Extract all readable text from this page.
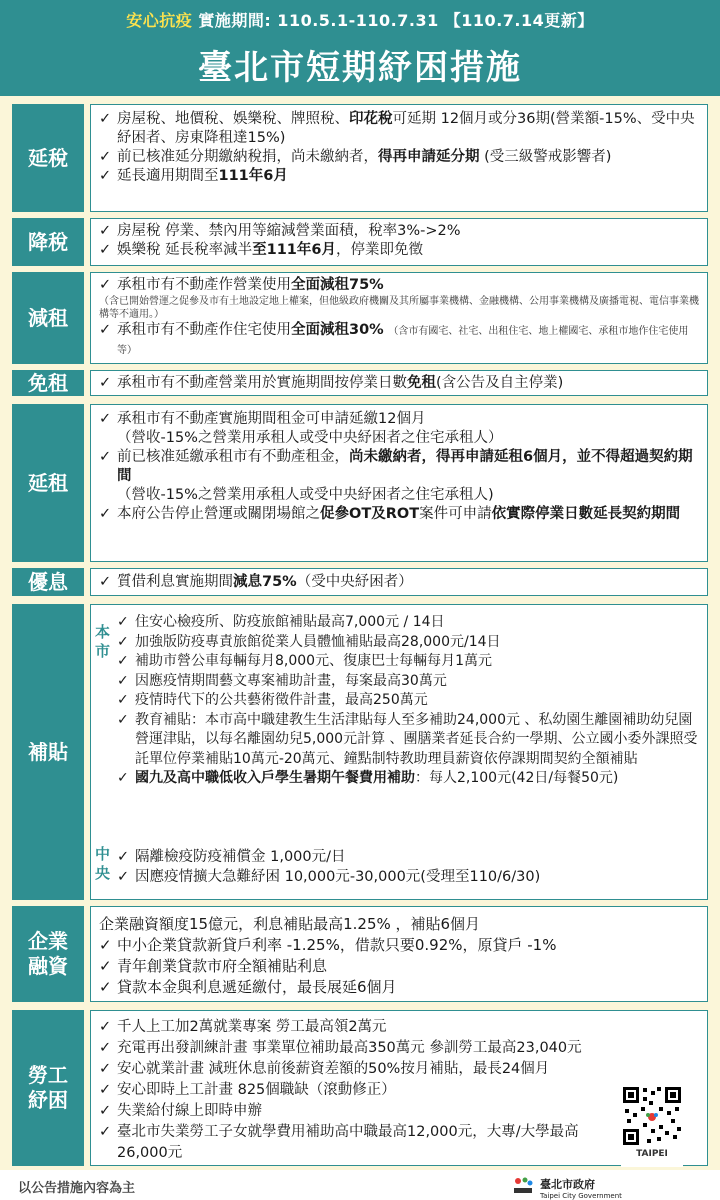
安心抗疫 實施期間: 110.5.1-110.7.31 【110.7.14更新】
臺北市短期紓困措施
延稅
✓ 房屋稅、地價稅、娛樂稅、牌照稅、印花稅可延期 12個月或分36期(營業額-15%、受中央紓困者、房東降租達15%)
✓ 前已核准延分期繳納稅捐，尚未繳納者，得再申請延分期 (受三級警戒影響者)
✓ 延長適用期間至111年6月
降稅	✓ 房屋稅 停業、禁內用等縮減營業面積，稅率3%->2%
✓ 娛樂稅 延長稅率減半至111年6月，停業即免徵
減租
✓ 承租市有不動產作營業使用全面減租75%
（含已開始營運之促參及市有土地設定地上權案，但他級政府機關及其所屬事業機構、金融機構、公用事業機構及廣播電視、電信事業機構等不適用。）
✓ 承租市有不動產作住宅使用全面減租30% （含市有國宅、社宅、出租住宅、地上權國宅、承租市地作住宅使用等）
免租	✓ 承租市有不動產營業用於實施期間按停業日數免租(含公告及自主停業)
延租
✓ 承租市有不動產實施期間租金可申請延繳12個月
（營收-15%之營業用承租人或受中央紓困者之住宅承租人）
✓ 前已核准延繳承租市有不動產租金，尚未繳納者，得再申請延租6個月，並不得超過契約期間
（營收-15%之營業用承租人或受中央紓困者之住宅承租人)
✓ 本府公告停止營運或關閉場館之促參OT及ROT案件可申請依實際停業日數延長契約期間
優息	✓ 質借利息實施期間減息75%（受中央紓困者）
補貼
本
市
✓ 住安心檢疫所、防疫旅館補貼最高7,000元 / 14日
✓ 加強版防疫專責旅館從業人員體恤補貼最高28,000元/14日
✓ 補助市營公車每輛每月8,000元、復康巴士每輛每月1萬元
✓ 因應疫情期間藝文專案補助計畫，每案最高30萬元
✓ 疫情時代下的公共藝術徵件計畫，最高250萬元
✓ 教育補貼：本市高中職建教生生活津貼每人至多補助24,000元 、私幼園生離園補助幼兒園營運津貼，以每名離園幼兒5,000元計算 、團膳業者延長合約一學期、公立國小委外課照受託單位停業補貼10萬元-20萬元、鐘點制特教助理員薪資依停課期間契約全額補貼
✓ 國九及高中職低收入戶學生暑期午餐費用補助：每人2,100元(42日/每餐50元)
中
央
✓ 隔離檢疫防疫補償金 1,000元/日
✓ 因應疫情擴大急難紓困 10,000元-30,000元(受理至110/6/30)
企業
融資
企業融資額度15億元，利息補貼最高1.25% ，補貼6個月
✓ 中小企業貸款新貸戶利率 -1.25%，借款只要0.92%，原貸戶 -1%
✓ 青年創業貸款市府全額補貼利息
✓ 貸款本金與利息遞延繳付，最長展延6個月
勞工
紓困
✓ 千人上工加2萬就業專案 勞工最高領2萬元
✓ 充電再出發訓練計畫 事業單位補助最高350萬元 參訓勞工最高23,040元
✓ 安心就業計畫 減班休息前後薪資差額的50%按月補貼，最長24個月
✓ 安心即時上工計畫 825個職缺（滾動修正）
✓ 失業給付線上即時申辦
✓ 臺北市失業勞工子女就學費用補助高中職最高12,000元，大專/大學最高26,000元	TAIPEI
以公告措施內容為主	臺北市政府
Taipei City Government
